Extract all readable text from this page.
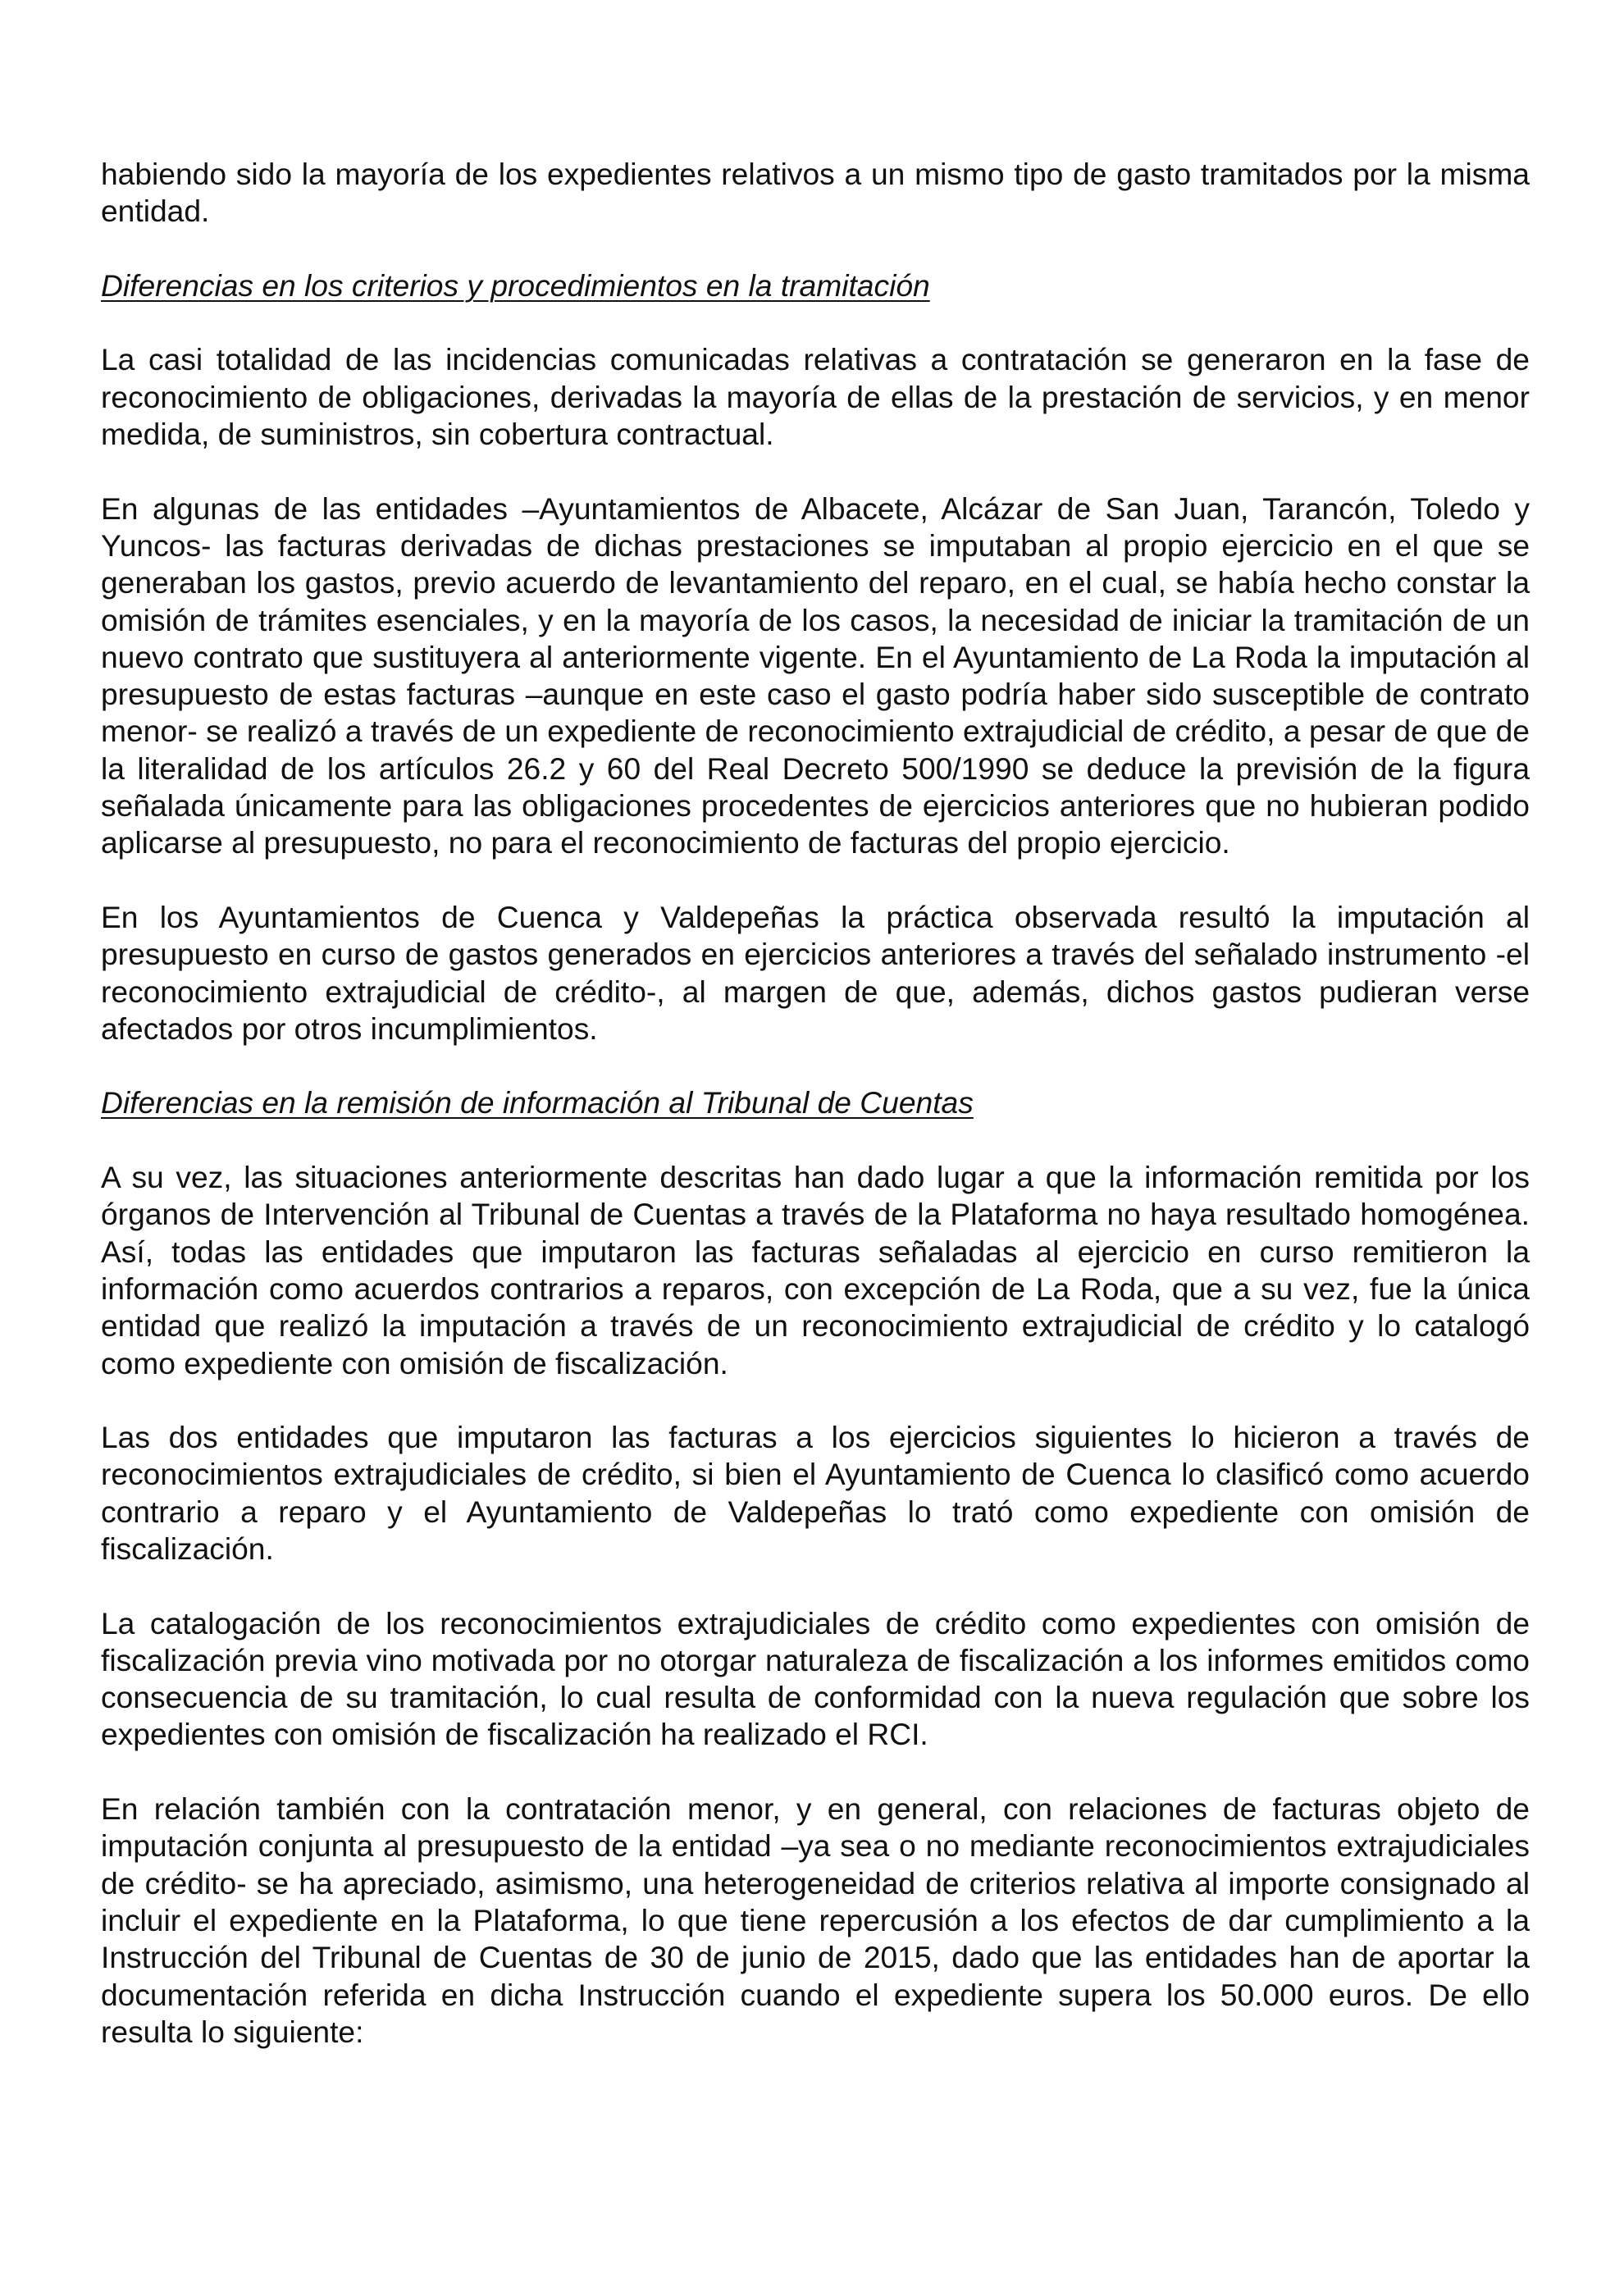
habiendo sido la mayoría de los expedientes relativos a un mismo tipo de gasto tramitados por la misma entidad.

Diferencias en los criterios y procedimientos en la tramitación

La casi totalidad de las incidencias comunicadas relativas a contratación se generaron en la fase de reconocimiento de obligaciones, derivadas la mayoría de ellas de la prestación de servicios, y en menor medida, de suministros, sin cobertura contractual.

En algunas de las entidades –Ayuntamientos de Albacete, Alcázar de San Juan, Tarancón, Toledo y Yuncos- las facturas derivadas de dichas prestaciones se imputaban al propio ejercicio en el que se generaban los gastos, previo acuerdo de levantamiento del reparo, en el cual, se había hecho constar la omisión de trámites esenciales, y en la mayoría de los casos, la necesidad de iniciar la tramitación de un nuevo contrato que sustituyera al anteriormente vigente. En el Ayuntamiento de La Roda la imputación al presupuesto de estas facturas –aunque en este caso el gasto podría haber sido susceptible de contrato menor- se realizó a través de un expediente de reconocimiento extrajudicial de crédito, a pesar de que de la literalidad de los artículos 26.2 y 60 del Real Decreto 500/1990 se deduce la previsión de la figura señalada únicamente para las obligaciones procedentes de ejercicios anteriores que no hubieran podido aplicarse al presupuesto, no para el reconocimiento de facturas del propio ejercicio.

En los Ayuntamientos de Cuenca y Valdepeñas la práctica observada resultó la imputación al presupuesto en curso de gastos generados en ejercicios anteriores a través del señalado instrumento -el reconocimiento extrajudicial de crédito-, al margen de que, además, dichos gastos pudieran verse afectados por otros incumplimientos.

Diferencias en la remisión de información al Tribunal de Cuentas

A su vez, las situaciones anteriormente descritas han dado lugar a que la información remitida por los órganos de Intervención al Tribunal de Cuentas a través de la Plataforma no haya resultado homogénea. Así, todas las entidades que imputaron las facturas señaladas al ejercicio en curso remitieron la información como acuerdos contrarios a reparos, con excepción de La Roda, que a su vez, fue la única entidad que realizó la imputación a través de un reconocimiento extrajudicial de crédito y lo catalogó como expediente con omisión de fiscalización.

Las dos entidades que imputaron las facturas a los ejercicios siguientes lo hicieron a través de reconocimientos extrajudiciales de crédito, si bien el Ayuntamiento de Cuenca lo clasificó como acuerdo contrario a reparo y el Ayuntamiento de Valdepeñas lo trató como expediente con omisión de fiscalización.

La catalogación de los reconocimientos extrajudiciales de crédito como expedientes con omisión de fiscalización previa vino motivada por no otorgar naturaleza de fiscalización a los informes emitidos como consecuencia de su tramitación, lo cual resulta de conformidad con la nueva regulación que sobre los expedientes con omisión de fiscalización ha realizado el RCI.

En relación también con la contratación menor, y en general, con relaciones de facturas objeto de imputación conjunta al presupuesto de la entidad –ya sea o no mediante reconocimientos extrajudiciales de crédito- se ha apreciado, asimismo, una heterogeneidad de criterios relativa al importe consignado al incluir el expediente en la Plataforma, lo que tiene repercusión a los efectos de dar cumplimiento a la Instrucción del Tribunal de Cuentas de 30 de junio de 2015, dado que las entidades han de aportar la documentación referida en dicha Instrucción cuando el expediente supera los 50.000 euros. De ello resulta lo siguiente:
